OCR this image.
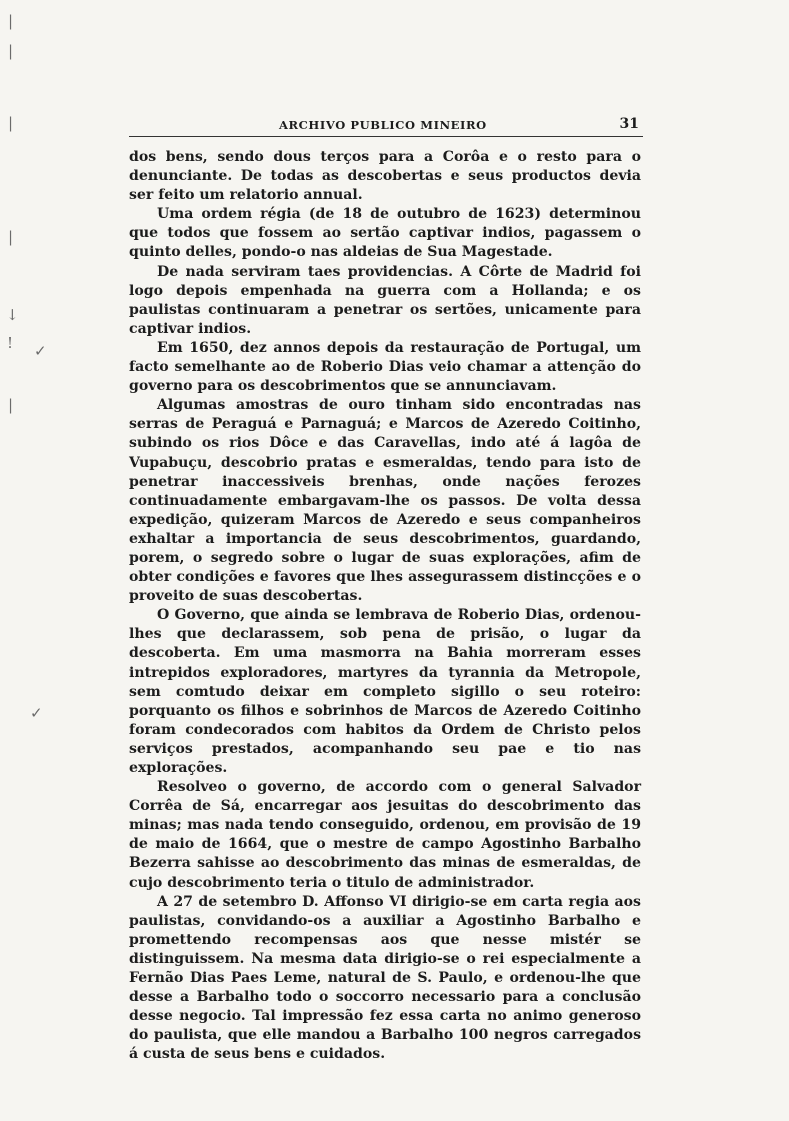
|
|
|
|
↓
! ✓
|
✓
ARCHIVO PUBLICO MINEIRO	31

dos bens, sendo dous terços para a Corôa e o resto para o denunciante. De todas as descobertas e seus productos devia ser feito um relatorio annual.

Uma ordem régia (de 18 de outubro de 1623) determinou que todos que fossem ao sertão captivar indios, pagassem o quinto delles, pondo-o nas aldeias de Sua Magestade.

De nada serviram taes providencias. A Côrte de Madrid foi logo depois empenhada na guerra com a Hollanda; e os paulistas continuaram a penetrar os sertões, unicamente para captivar indios.

Em 1650, dez annos depois da restauração de Portugal, um facto semelhante ao de Roberio Dias veio chamar a attenção do governo para os descobrimentos que se annunciavam.

Algumas amostras de ouro tinham sido encontradas nas serras de Peraguá e Parnaguá; e Marcos de Azeredo Coitinho, subindo os rios Dôce e das Caravellas, indo até á lagôa de Vupabuçu, descobrio pratas e esmeraldas, tendo para isto de penetrar inaccessiveis brenhas, onde nações ferozes continuadamente embargavam-lhe os passos. De volta dessa expedição, quizeram Marcos de Azeredo e seus companheiros exhaltar a importancia de seus descobrimentos, guardando, porem, o segredo sobre o lugar de suas explorações, afim de obter condições e favores que lhes assegurassem distincções e o proveito de suas descobertas.

O Governo, que ainda se lembrava de Roberio Dias, ordenou-lhes que declarassem, sob pena de prisão, o lugar da descoberta. Em uma masmorra na Bahia morreram esses intrepidos exploradores, martyres da tyrannia da Metropole, sem comtudo deixar em completo sigillo o seu roteiro: porquanto os filhos e sobrinhos de Marcos de Azeredo Coitinho foram condecorados com habitos da Ordem de Christo pelos serviços prestados, acompanhando seu pae e tio nas explorações.

Resolveo o governo, de accordo com o general Salvador Corrêa de Sá, encarregar aos jesuitas do descobrimento das minas; mas nada tendo conseguido, ordenou, em provisão de 19 de maio de 1664, que o mestre de campo Agostinho Barbalho Bezerra sahisse ao descobrimento das minas de esmeraldas, de cujo descobrimento teria o titulo de administrador.

A 27 de setembro D. Affonso VI dirigio-se em carta regia aos paulistas, convidando-os a auxiliar a Agostinho Barbalho e promettendo recompensas aos que nesse mistér se distinguissem. Na mesma data dirigio-se o rei especialmente a Fernão Dias Paes Leme, natural de S. Paulo, e ordenou-lhe que desse a Barbalho todo o soccorro necessario para a conclusão desse negocio. Tal impressão fez essa carta no animo generoso do paulista, que elle mandou a Barbalho 100 negros carregados á custa de seus bens e cuidados.
